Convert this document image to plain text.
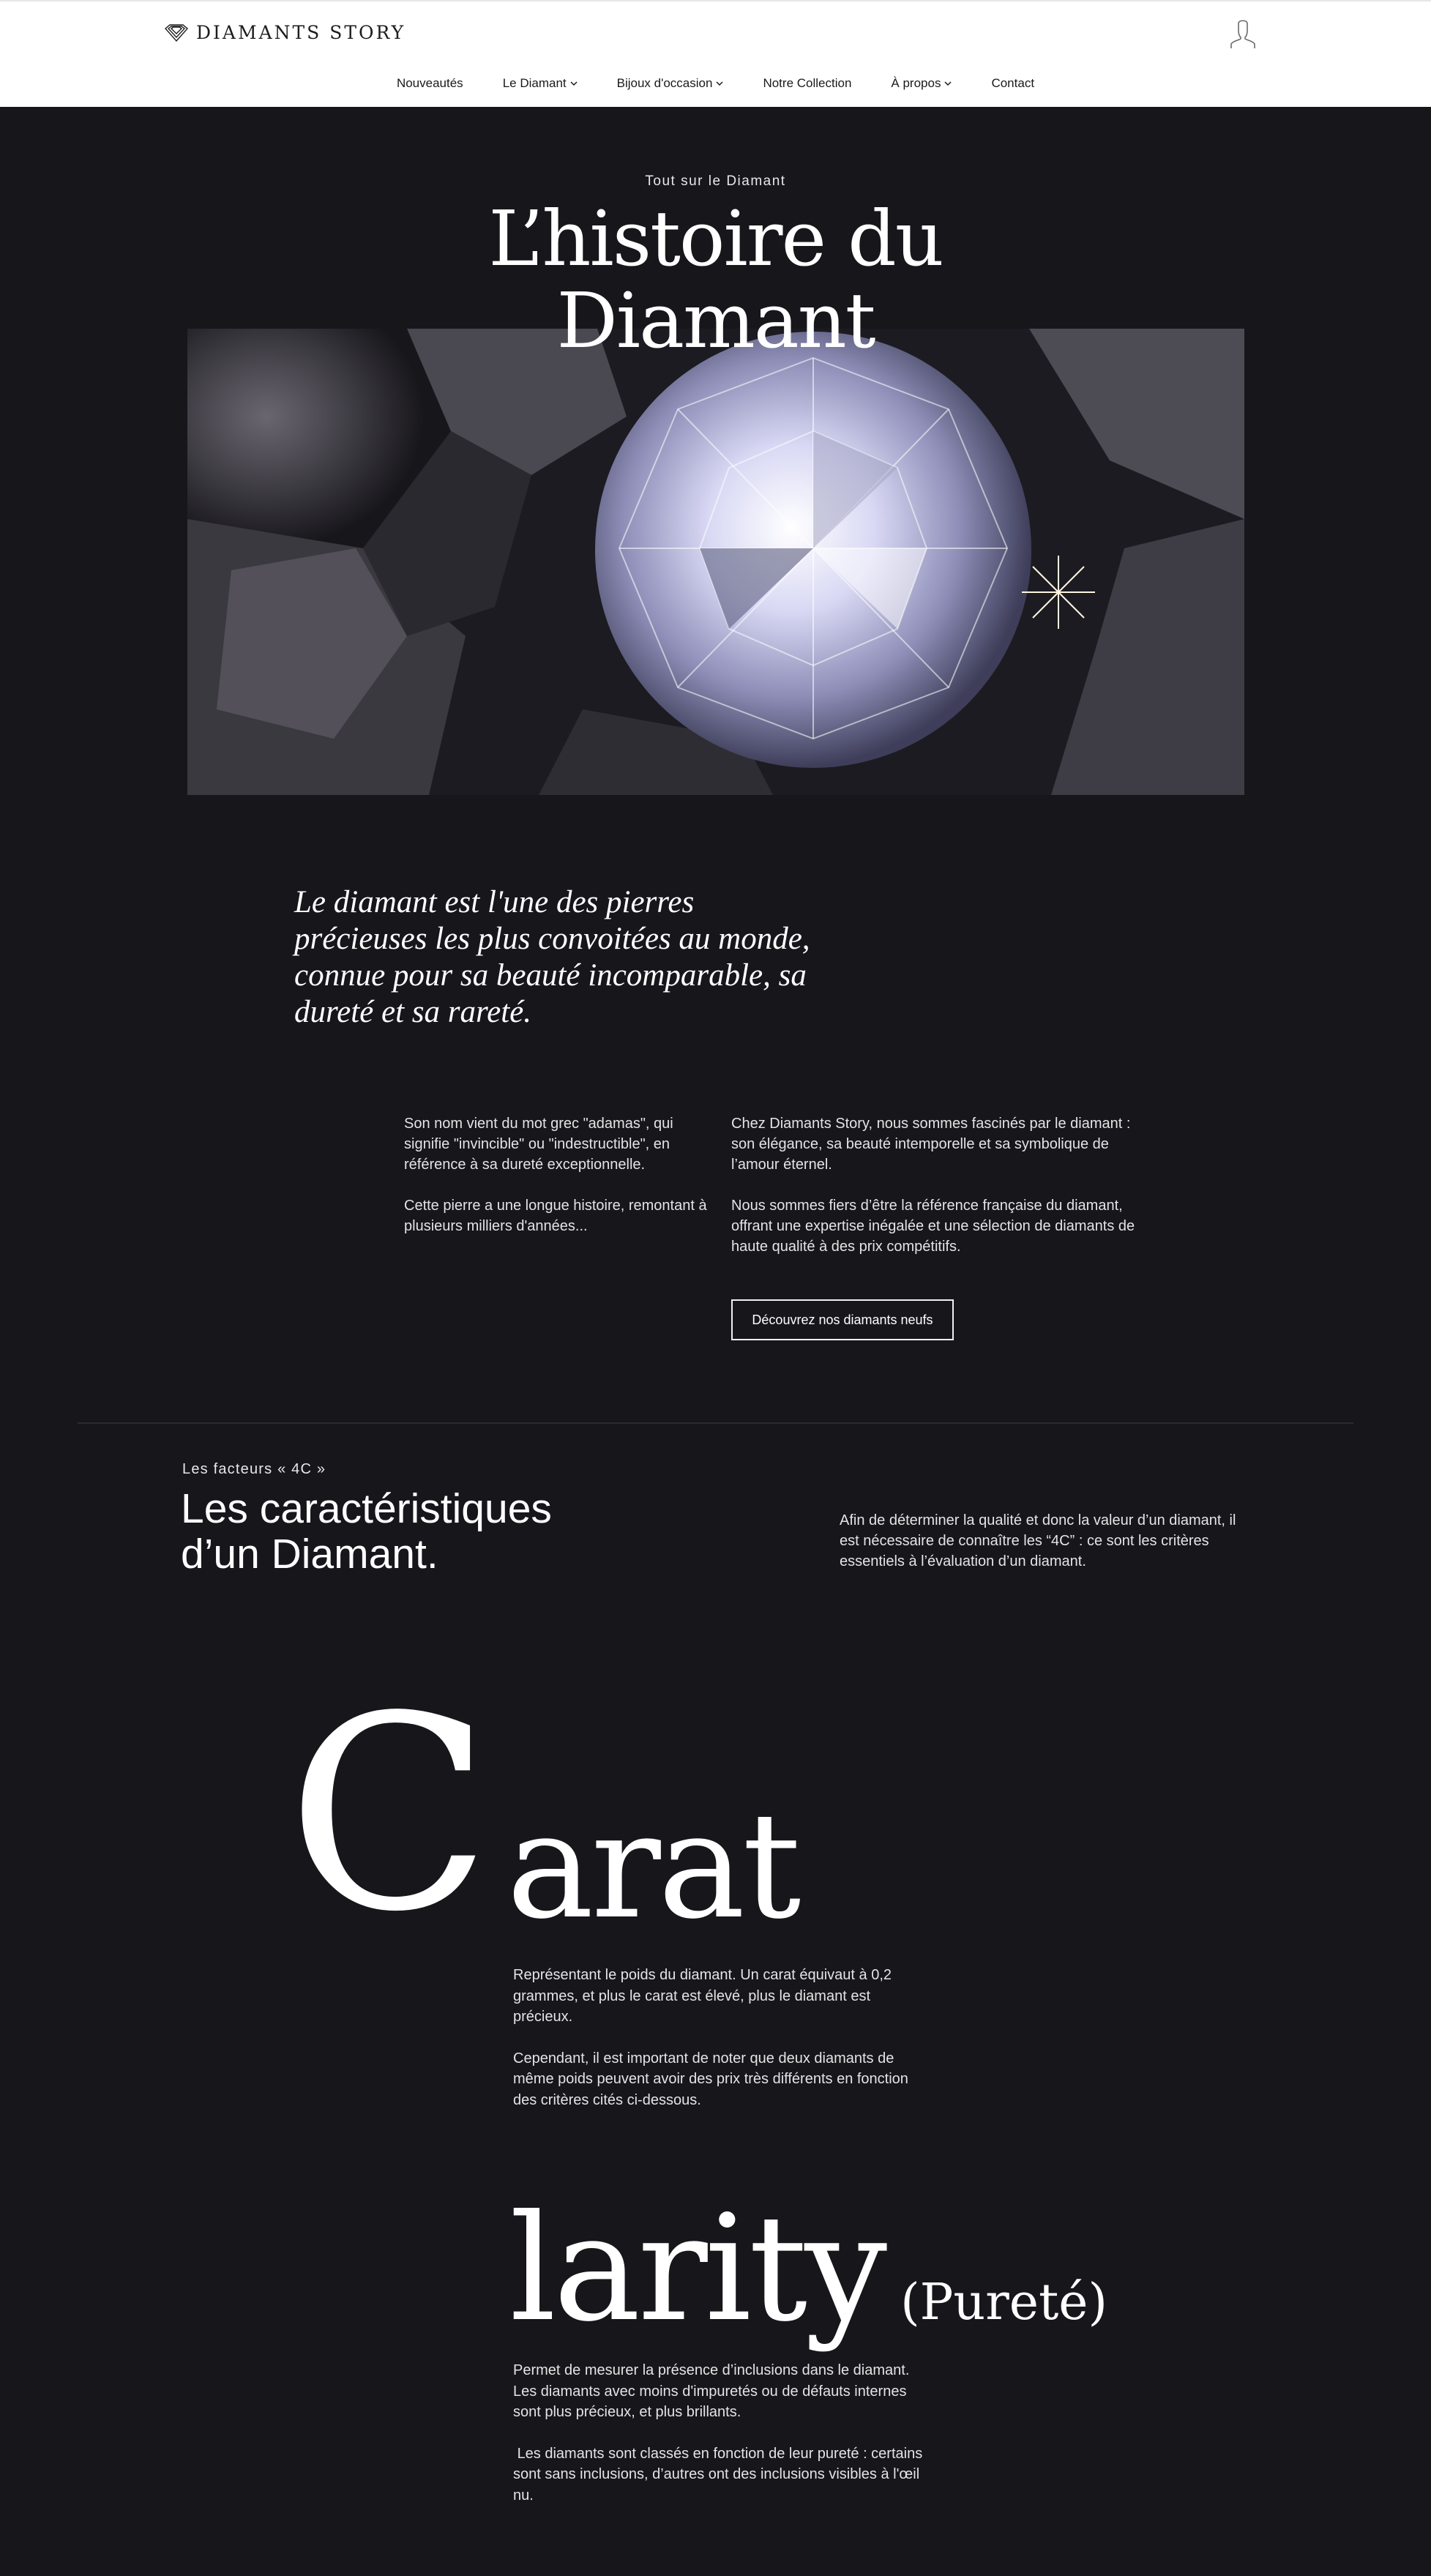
DIAMANTS STORY
Nouveautés	Le Diamant	Bijoux d'occasion	Notre Collection	À propos	Contact
Tout sur le Diamant
L’histoire du
Diamant

Le diamant est l'une des pierres précieuses les plus convoitées au monde, connue pour sa beauté incomparable, sa dureté et sa rareté.

Son nom vient du mot grec "adamas", qui signifie "invincible" ou "indestructible", en référence à sa dureté exceptionnelle.

Cette pierre a une longue histoire, remontant à plusieurs milliers d'années...

Chez Diamants Story, nous sommes fascinés par le diamant : son élégance, sa beauté intemporelle et sa symbolique de l’amour éternel.

Nous sommes fiers d’être la référence française du diamant, offrant une expertise inégalée et une sélection de diamants de haute qualité à des prix compétitifs.

Découvrez nos diamants neufs
Les facteurs « 4C »
Les caractéristiques
d’un Diamant.

Afin de déterminer la qualité et donc la valeur d’un diamant, il est nécessaire de connaître les “4C” : ce sont les critères essentiels à l’évaluation d’un diamant.

C arat

Représentant le poids du diamant. Un carat équivaut à 0,2 grammes, et plus le carat est élevé, plus le diamant est précieux.

Cependant, il est important de noter que deux diamants de même poids peuvent avoir des prix très différents en fonction des critères cités ci-dessous.

larity (Pureté)

Permet de mesurer la présence d’inclusions dans le diamant. Les diamants avec moins d'impuretés ou de défauts internes sont plus précieux, et plus brillants.

Les diamants sont classés en fonction de leur pureté : certains sont sans inclusions, d’autres ont des inclusions visibles à l'œil nu.
